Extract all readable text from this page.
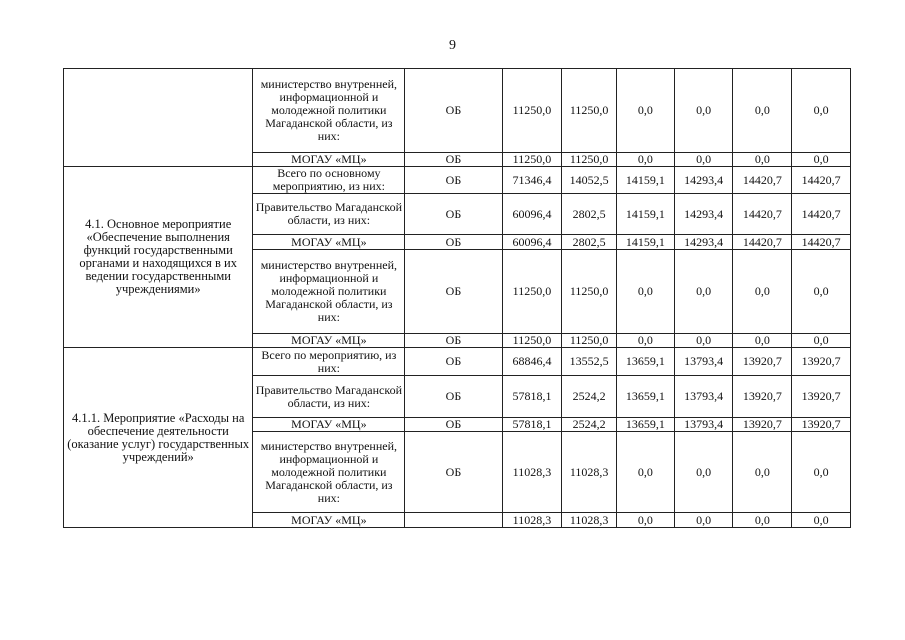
9
	министерство внутренней, информационной и молодежной политики Магаданской области, из них:	ОБ	11250,0	11250,0	0,0	0,0	0,0	0,0
	МОГАУ «МЦ»	ОБ	11250,0	11250,0	0,0	0,0	0,0	0,0
4.1. Основное мероприятие «Обеспечение выполнения функций государственными органами и находящихся в их ведении государственными учреждениями»	Всего по основному мероприятию, из них:	ОБ	71346,4	14052,5	14159,1	14293,4	14420,7	14420,7
	Правительство Магаданской области, из них:	ОБ	60096,4	2802,5	14159,1	14293,4	14420,7	14420,7
	МОГАУ «МЦ»	ОБ	60096,4	2802,5	14159,1	14293,4	14420,7	14420,7
	министерство внутренней, информационной и молодежной политики Магаданской области, из них:	ОБ	11250,0	11250,0	0,0	0,0	0,0	0,0
	МОГАУ «МЦ»	ОБ	11250,0	11250,0	0,0	0,0	0,0	0,0
4.1.1. Мероприятие «Расходы на обеспечение деятельности (оказание услуг) государственных учреждений»	Всего по мероприятию, из них:	ОБ	68846,4	13552,5	13659,1	13793,4	13920,7	13920,7
	Правительство Магаданской области, из них:	ОБ	57818,1	2524,2	13659,1	13793,4	13920,7	13920,7
	МОГАУ «МЦ»	ОБ	57818,1	2524,2	13659,1	13793,4	13920,7	13920,7
	министерство внутренней, информационной и молодежной политики Магаданской области, из них:	ОБ	11028,3	11028,3	0,0	0,0	0,0	0,0
	МОГАУ «МЦ»		11028,3	11028,3	0,0	0,0	0,0	0,0
